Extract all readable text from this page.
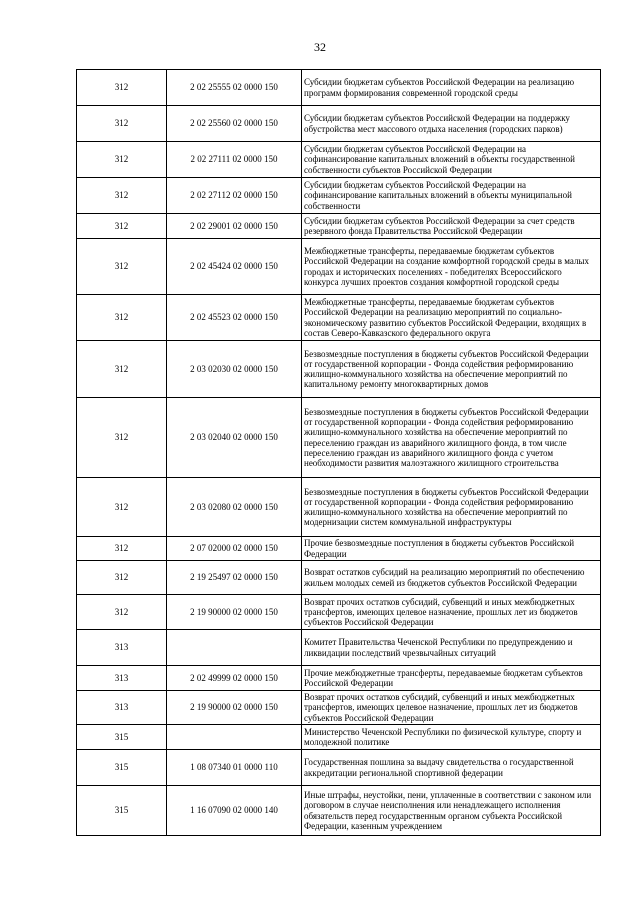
32
312	2 02 25555 02 0000 150	Субсидии бюджетам субъектов Российской Федерации на реализацию программ формирования современной городской среды
312	2 02 25560 02 0000 150	Субсидии бюджетам субъектов Российской Федерации на поддержку обустройства мест массового отдыха населения (городских парков)
312	2 02 27111 02 0000 150	Субсидии бюджетам субъектов Российской Федерации на софинансирование капитальных вложений в объекты государственной собственности субъектов Российской Федерации
312	2 02 27112 02 0000 150	Субсидии бюджетам субъектов Российской Федерации на софинансирование капитальных вложений в объекты муниципальной собственности
312	2 02 29001 02 0000 150	Субсидии бюджетам субъектов Российской Федерации за счет средств резервного фонда Правительства Российской Федерации
312	2 02 45424 02 0000 150	Межбюджетные трансферты, передаваемые бюджетам субъектов Российской Федерации на создание комфортной городской среды в малых городах и исторических поселениях - победителях Всероссийского конкурса лучших проектов создания комфортной городской среды
312	2 02 45523 02 0000 150	Межбюджетные трансферты, передаваемые бюджетам субъектов Российской Федерации на реализацию мероприятий по социально-экономическому развитию субъектов Российской Федерации, входящих в состав Северо-Кавказского федерального округа
312	2 03 02030 02 0000 150	Безвозмездные поступления в бюджеты субъектов Российской Федерации от государственной корпорации - Фонда содействия реформированию жилищно-коммунального хозяйства на обеспечение мероприятий по капитальному ремонту многоквартирных домов
312	2 03 02040 02 0000 150	Безвозмездные поступления в бюджеты субъектов Российской Федерации от государственной корпорации - Фонда содействия реформированию жилищно-коммунального хозяйства на обеспечение мероприятий по переселению граждан из аварийного жилищного фонда, в том числе переселению граждан из аварийного жилищного фонда с учетом необходимости развития малоэтажного жилищного строительства
312	2 03 02080 02 0000 150	Безвозмездные поступления в бюджеты субъектов Российской Федерации от государственной корпорации - Фонда содействия реформированию жилищно-коммунального хозяйства на обеспечение мероприятий по модернизации систем коммунальной инфраструктуры
312	2 07 02000 02 0000 150	Прочие безвозмездные поступления в бюджеты субъектов Российской Федерации
312	2 19 25497 02 0000 150	Возврат остатков субсидий на реализацию мероприятий по обеспечению жильем молодых семей из бюджетов субъектов Российской Федерации
312	2 19 90000 02 0000 150	Возврат прочих остатков субсидий, субвенций и иных межбюджетных трансфертов, имеющих целевое назначение, прошлых лет из бюджетов субъектов Российской Федерации
313		Комитет Правительства Чеченской Республики по предупреждению и ликвидации последствий чрезвычайных ситуаций
313	2 02 49999 02 0000 150	Прочие межбюджетные трансферты, передаваемые бюджетам субъектов Российской Федерации
313	2 19 90000 02 0000 150	Возврат прочих остатков субсидий, субвенций и иных межбюджетных трансфертов, имеющих целевое назначение, прошлых лет из бюджетов субъектов Российской Федерации
315		Министерство Чеченской Республики по физической культуре, спорту и молодежной политике
315	1 08 07340 01 0000 110	Государственная пошлина за выдачу свидетельства о государственной аккредитации региональной спортивной федерации
315	1 16 07090 02 0000 140	Иные штрафы, неустойки, пени, уплаченные в соответствии с законом или договором в случае неисполнения или ненадлежащего исполнения обязательств перед государственным органом субъекта Российской Федерации, казенным учреждением
